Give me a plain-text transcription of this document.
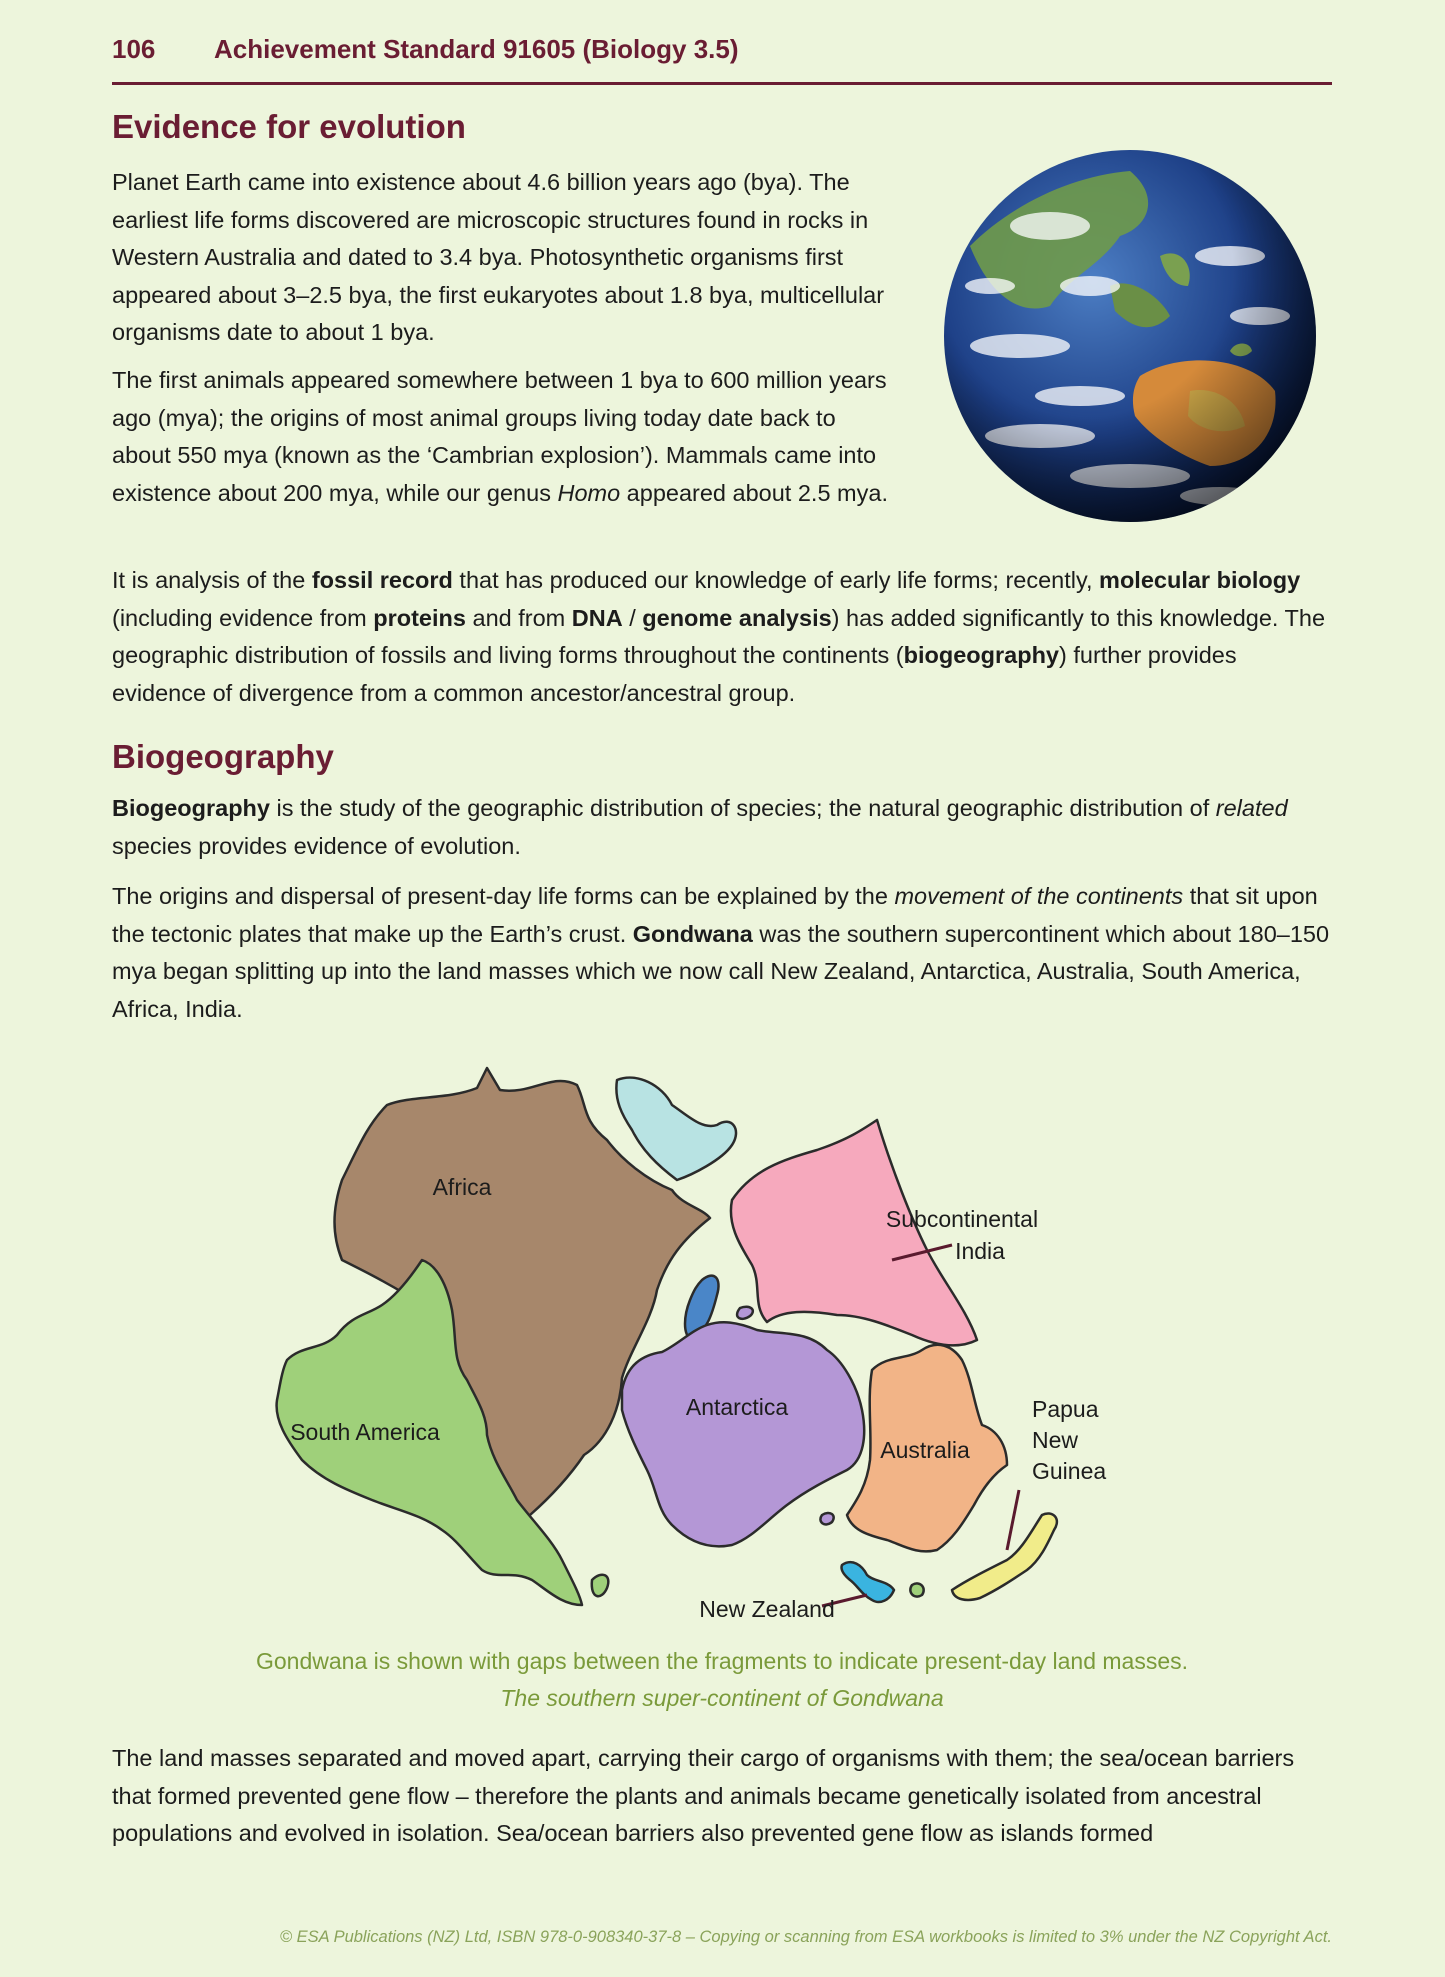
106 Achievement Standard 91605 (Biology 3.5)
Evidence for evolution

Planet Earth came into existence about 4.6 billion years ago (bya). The earliest life forms discovered are microscopic structures found in rocks in Western Australia and dated to 3.4 bya. Photosynthetic organisms first appeared about 3–2.5 bya, the first eukaryotes about 1.8 bya, multicellular organisms date to about 1 bya.

The first animals appeared somewhere between 1 bya to 600 million years ago (mya); the origins of most animal groups living today date back to about 550 mya (known as the ‘Cambrian explosion’). Mammals came into existence about 200 mya, while our genus Homo appeared about 2.5 mya.

It is analysis of the fossil record that has produced our knowledge of early life forms; recently, molecular biology (including evidence from proteins and from DNA / genome analysis) has added significantly to this knowledge. The geographic distribution of fossils and living forms throughout the continents (biogeography) further provides evidence of divergence from a common ancestor/ancestral group.

Biogeography

Biogeography is the study of the geographic distribution of species; the natural geographic distribution of related species provides evidence of evolution.

The origins and dispersal of present-day life forms can be explained by the movement of the continents that sit upon the tectonic plates that make up the Earth’s crust. Gondwana was the southern supercontinent which about 180–150 mya began splitting up into the land masses which we now call New Zealand, Antarctica, Australia, South America, Africa, India.

The land masses separated and moved apart, carrying their cargo of organisms with them; the sea/ocean barriers that formed prevented gene flow – therefore the plants and animals became genetically isolated from ancestral populations and evolved in isolation. Sea/ocean barriers also prevented gene flow as islands formed

Africa
Subcontinental
India
South America
Antarctica
Australia
Papua
New
Guinea
New Zealand
Gondwana is shown with gaps between the fragments to indicate present-day land masses.
The southern super-continent of Gondwana
© ESA Publications (NZ) Ltd, ISBN 978-0-908340-37-8 – Copying or scanning from ESA workbooks is limited to 3% under the NZ Copyright Act.
